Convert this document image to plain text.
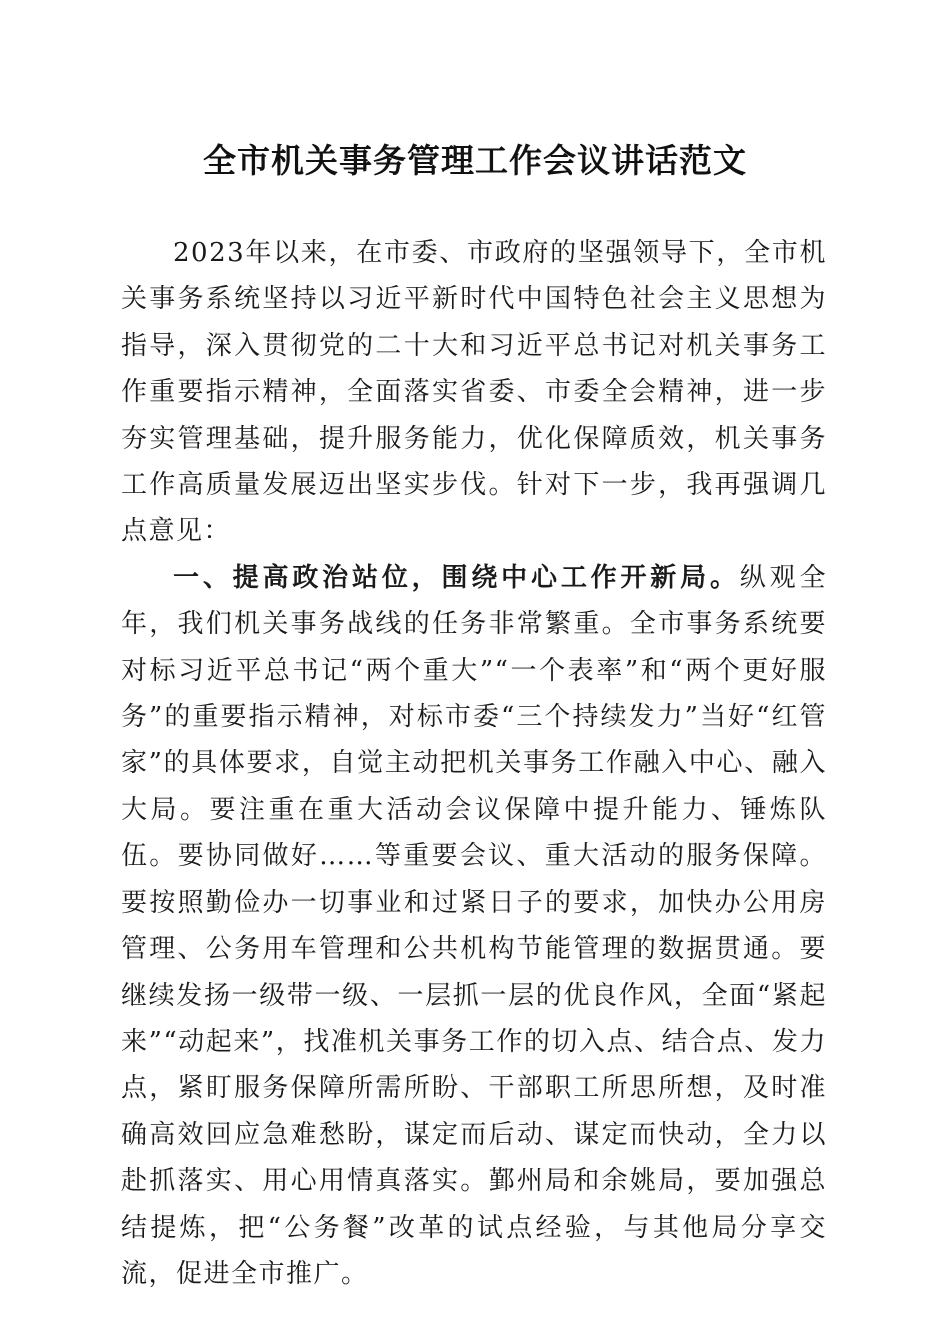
全市机关事务管理工作会议讲话范文

2023年以来，在市委、市政府的坚强领导下，全市机关事务系统坚持以习近平新时代中国特色社会主义思想为指导，深入贯彻党的二十大和习近平总书记对机关事务工作重要指示精神，全面落实省委、市委全会精神，进一步夯实管理基础，提升服务能力，优化保障质效，机关事务工作高质量发展迈出坚实步伐。针对下一步，我再强调几点意见：

一、提高政治站位，围绕中心工作开新局。纵观全年，我们机关事务战线的任务非常繁重。全市事务系统要对标习近平总书记“两个重大”“一个表率”和“两个更好服务”的重要指示精神，对标市委“三个持续发力”当好“红管家”的具体要求，自觉主动把机关事务工作融入中心、融入大局。要注重在重大活动会议保障中提升能力、锤炼队伍。要协同做好……等重要会议、重大活动的服务保障。要按照勤俭办一切事业和过紧日子的要求，加快办公用房管理、公务用车管理和公共机构节能管理的数据贯通。要继续发扬一级带一级、一层抓一层的优良作风，全面“紧起来”“动起来”，找准机关事务工作的切入点、结合点、发力点，紧盯服务保障所需所盼、干部职工所思所想，及时准确高效回应急难愁盼，谋定而后动、谋定而快动，全力以赴抓落实、用心用情真落实。鄞州局和余姚局，要加强总结提炼，把“公务餐”改革的试点经验，与其他局分享交流，促进全市推广。
